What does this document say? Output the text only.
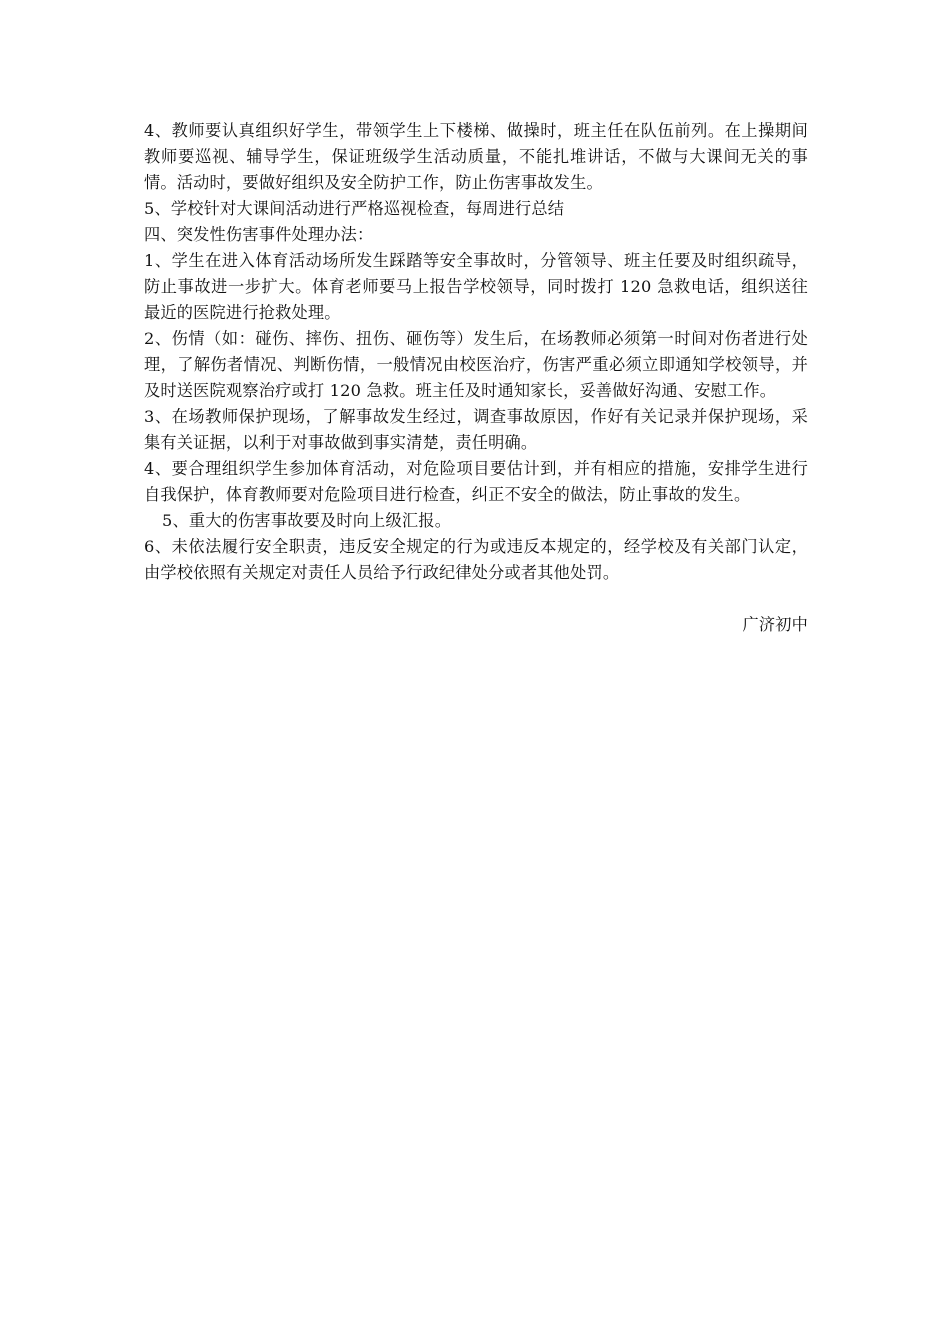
4、教师要认真组织好学生，带领学生上下楼梯、做操时，班主任在队伍前列。在上操期间教师要巡视、辅导学生，保证班级学生活动质量，不能扎堆讲话，不做与大课间无关的事情。活动时，要做好组织及安全防护工作，防止伤害事故发生。

5、学校针对大课间活动进行严格巡视检查，每周进行总结

四、突发性伤害事件处理办法：

1、学生在进入体育活动场所发生踩踏等安全事故时，分管领导、班主任要及时组织疏导，防止事故进一步扩大。体育老师要马上报告学校领导，同时拨打 120 急救电话，组织送往最近的医院进行抢救处理。

2、伤情（如：碰伤、摔伤、扭伤、砸伤等）发生后，在场教师必须第一时间对伤者进行处理，了解伤者情况、判断伤情，一般情况由校医治疗，伤害严重必须立即通知学校领导，并及时送医院观察治疗或打 120 急救。班主任及时通知家长，妥善做好沟通、安慰工作。

3、在场教师保护现场，了解事故发生经过，调查事故原因，作好有关记录并保护现场，采集有关证据，以利于对事故做到事实清楚，责任明确。

4、要合理组织学生参加体育活动，对危险项目要估计到，并有相应的措施，安排学生进行自我保护，体育教师要对危险项目进行检查，纠正不安全的做法，防止事故的发生。

5、重大的伤害事故要及时向上级汇报。

6、未依法履行安全职责，违反安全规定的行为或违反本规定的，经学校及有关部门认定，由学校依照有关规定对责任人员给予行政纪律处分或者其他处罚。

广济初中
